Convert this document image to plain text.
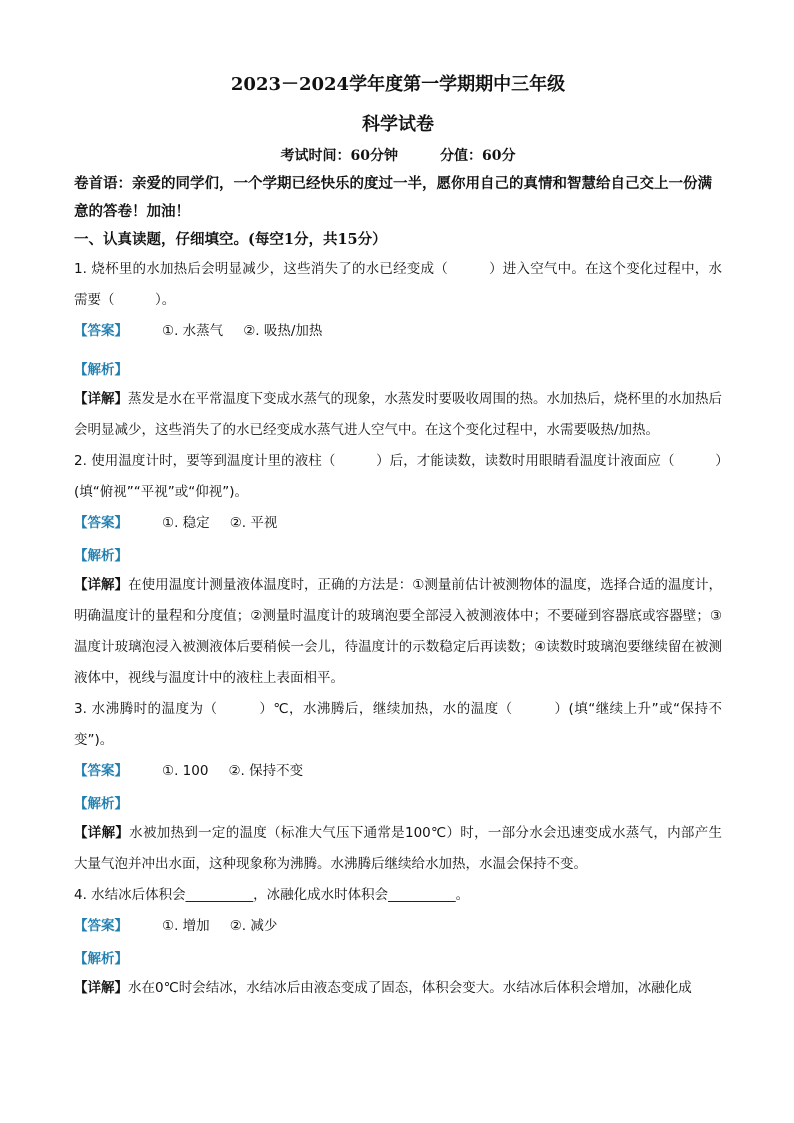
2023－2024学年度第一学期期中三年级
科学试卷
考试时间：60分钟	分值：60分
卷首语：亲爱的同学们，一个学期已经快乐的度过一半，愿你用自己的真情和智慧给自己交上一份满意的答卷！加油！
一、认真读题，仔细填空。(每空1分，共15分）
1. 烧杯里的水加热后会明显减少，这些消失了的水已经变成（　　　）进入空气中。在这个变化过程中，水需要（　　　）。
【答案】	①. 水蒸气 ②. 吸热/加热
【解析】
【详解】蒸发是水在平常温度下变成水蒸气的现象，水蒸发时要吸收周围的热。水加热后，烧杯里的水加热后会明显减少，这些消失了的水已经变成水蒸气进人空气中。在这个变化过程中，水需要吸热/加热。
2. 使用温度计时，要等到温度计里的液柱（　　　）后，才能读数，读数时用眼睛看温度计液面应（　　　）(填“俯视”“平视”或“仰视”)。
【答案】	①. 稳定 ②. 平视
【解析】
【详解】在使用温度计测量液体温度时，正确的方法是：①测量前估计被测物体的温度，选择合适的温度计，明确温度计的量程和分度值；②测量时温度计的玻璃泡要全部浸入被测液体中；不要碰到容器底或容器壁；③温度计玻璃泡浸入被测液体后要稍候一会儿，待温度计的示数稳定后再读数；④读数时玻璃泡要继续留在被测液体中，视线与温度计中的液柱上表面相平。
3. 水沸腾时的温度为（　　　）℃，水沸腾后，继续加热，水的温度（　　　）(填“继续上升”或“保持不变”)。
【答案】	①. 100 ②. 保持不变
【解析】
【详解】水被加热到一定的温度（标准大气压下通常是100℃）时，一部分水会迅速变成水蒸气，内部产生大量气泡并冲出水面，这种现象称为沸腾。水沸腾后继续给水加热，水温会保持不变。
4. 水结冰后体积会__________，冰融化成水时体积会__________。
【答案】	①. 增加 ②. 减少
【解析】
【详解】水在0℃时会结冰，水结冰后由液态变成了固态，体积会变大。水结冰后体积会增加，冰融化成
